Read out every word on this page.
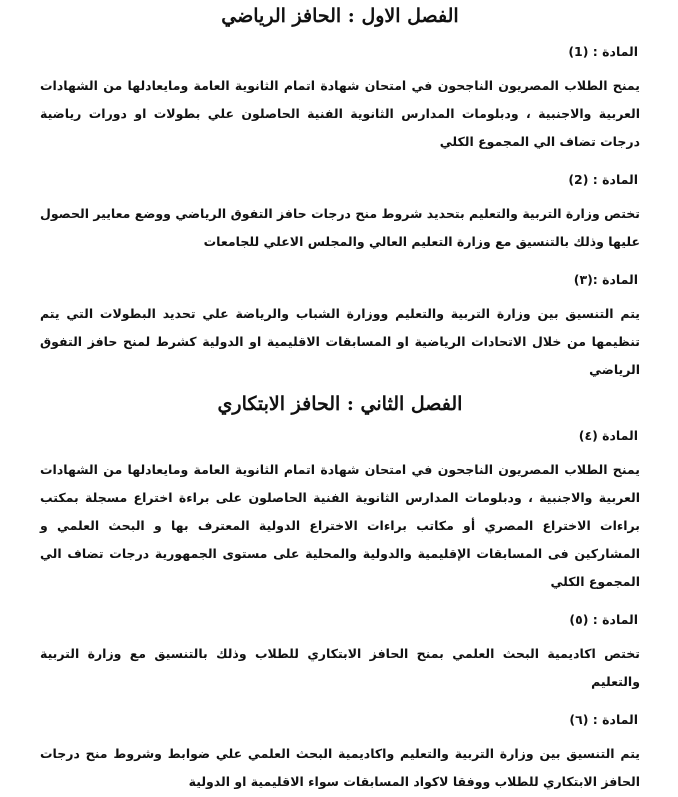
الفصل الاول : الحافز الرياضي

المادة : (1)

يمنح الطلاب المصريون الناجحون في امتحان شهادة اتمام الثانوية العامة ومايعادلها من الشهادات العربية والاجنبية ، ودبلومات المدارس الثانوية الفنية الحاصلون علي بطولات او دورات رياضية درجات تضاف الي المجموع الكلي

المادة : (2)

تختص وزارة التربية والتعليم بتحديد شروط منح درجات حافز التفوق الرياضي ووضع معايير الحصول عليها وذلك بالتنسيق مع وزارة التعليم العالي والمجلس الاعلي للجامعات

المادة :(٣)

يتم التنسيق بين وزارة التربية والتعليم ووزارة الشباب والرياضة علي تحديد البطولات التي يتم تنظيمها من خلال الاتحادات الرياضية او المسابقات الاقليمية او الدولية كشرط لمنح حافز التفوق الرياضي

الفصل الثاني : الحافز الابتكاري

المادة (٤)

يمنح الطلاب المصريون الناجحون في امتحان شهادة اتمام الثانوية العامة ومايعادلها من الشهادات العربية والاجنبية ، ودبلومات المدارس الثانوية الفنية الحاصلون على براءة اختراع مسجلة بمكتب براءات الاختراع المصري أو مكاتب براءات الاختراع الدولية المعترف بها و البحث العلمي و المشاركين فى المسابقات الإقليمية والدولية والمحلية على مستوى الجمهورية درجات تضاف الي المجموع الكلي

المادة : (٥)

تختص اكاديمية البحث العلمي بمنح الحافز الابتكاري للطلاب وذلك بالتنسيق مع وزارة التربية والتعليم

المادة : (٦)

يتم التنسيق بين وزارة التربية والتعليم واكاديمية البحث العلمي علي ضوابط وشروط منح درجات الحافز الابتكاري للطلاب ووفقا لاكواد المسابقات سواء الاقليمية او الدولية
